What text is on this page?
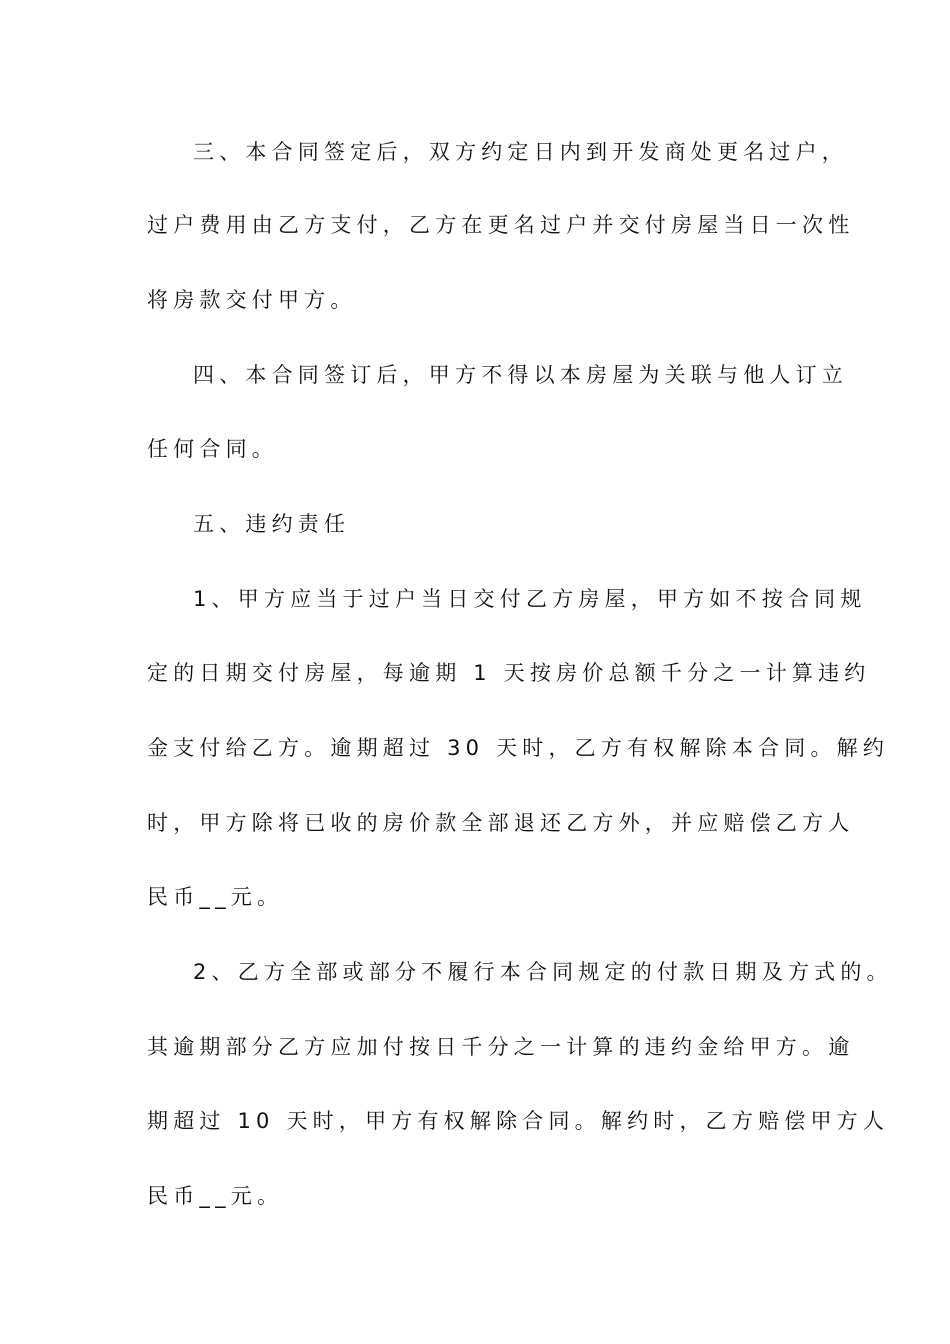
三、本合同签定后，双方约定日内到开发商处更名过户，
过户费用由乙方支付，乙方在更名过户并交付房屋当日一次性
将房款交付甲方。
四、本合同签订后，甲方不得以本房屋为关联与他人订立
任何合同。
五、违约责任
1、甲方应当于过户当日交付乙方房屋，甲方如不按合同规
定的日期交付房屋，每逾期 1 天按房价总额千分之一计算违约
金支付给乙方。逾期超过 30 天时，乙方有权解除本合同。解约
时，甲方除将已收的房价款全部退还乙方外，并应赔偿乙方人
民币__元。
2、乙方全部或部分不履行本合同规定的付款日期及方式的。
其逾期部分乙方应加付按日千分之一计算的违约金给甲方。逾
期超过 10 天时，甲方有权解除合同。解约时，乙方赔偿甲方人
民币__元。
